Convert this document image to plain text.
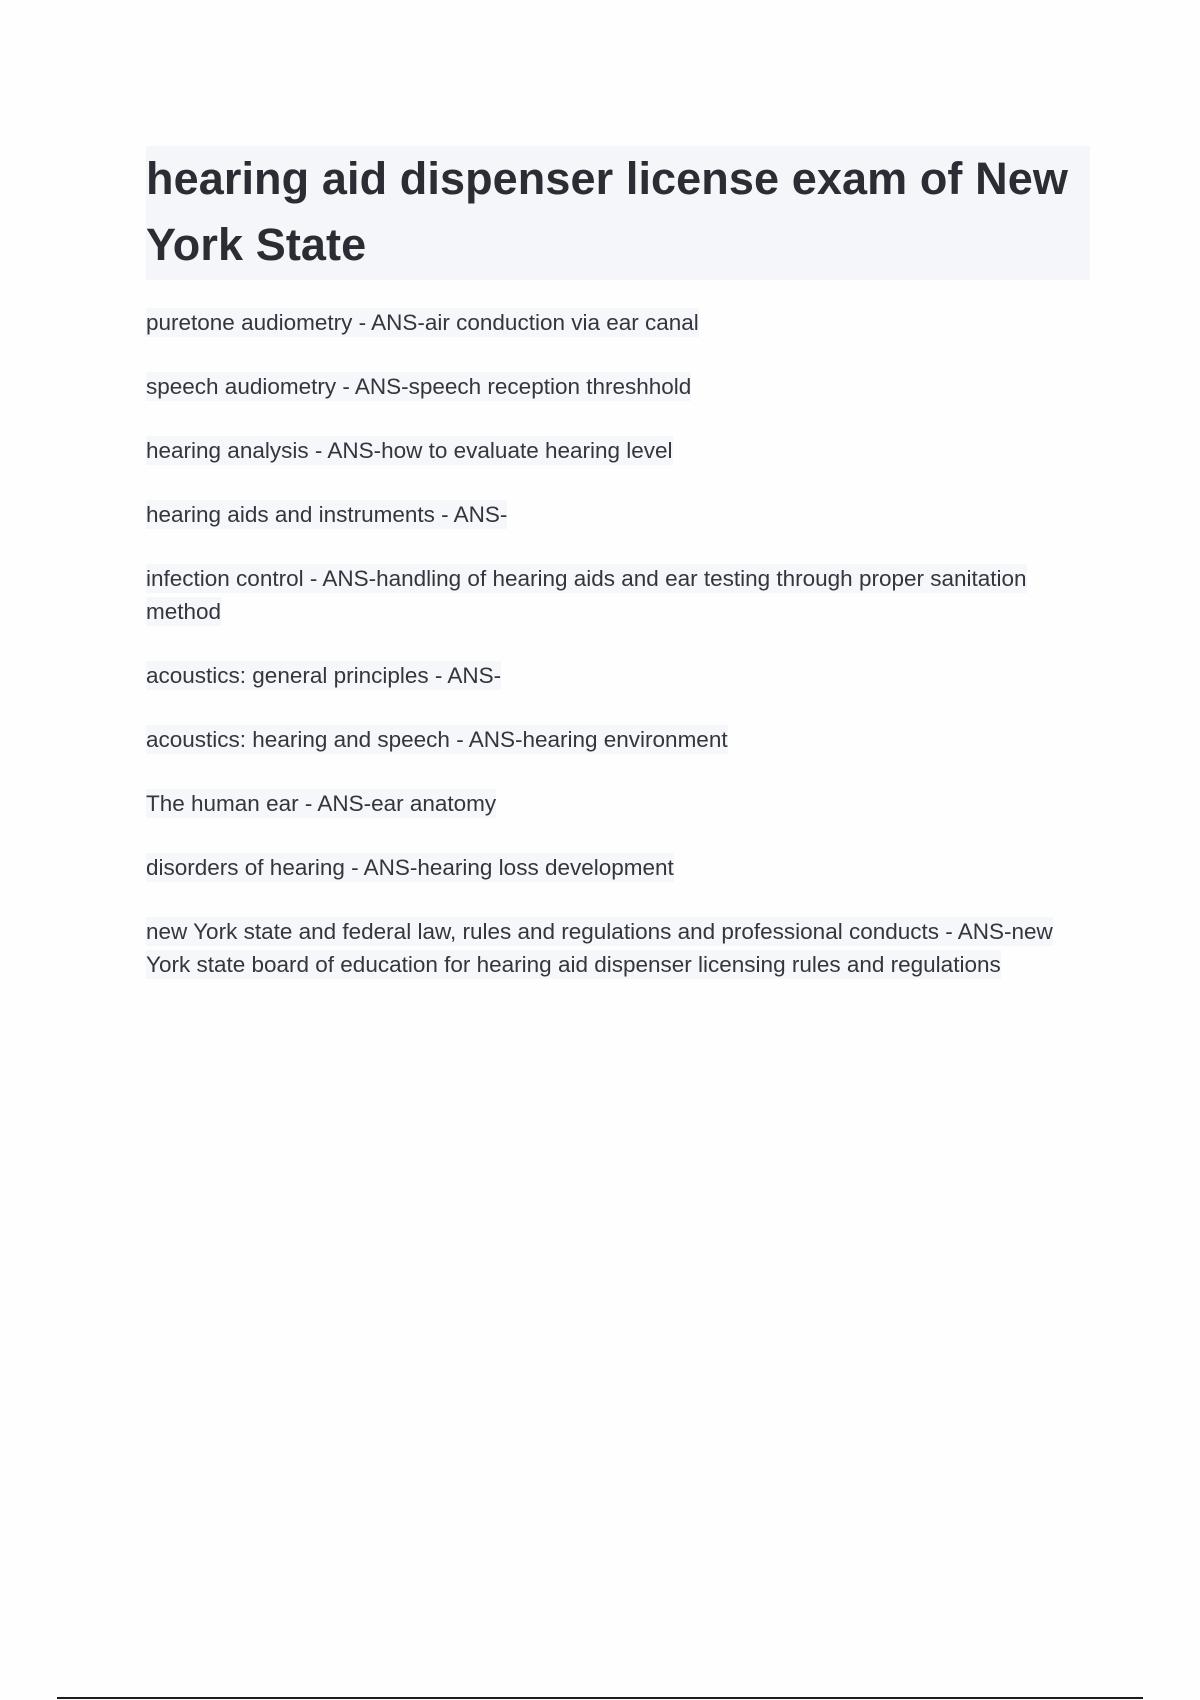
hearing aid dispenser license exam of New York State

puretone audiometry - ANS-air conduction via ear canal

speech audiometry - ANS-speech reception threshhold

hearing analysis - ANS-how to evaluate hearing level

hearing aids and instruments - ANS-

infection control - ANS-handling of hearing aids and ear testing through proper sanitation method

acoustics: general principles - ANS-

acoustics: hearing and speech - ANS-hearing environment

The human ear - ANS-ear anatomy

disorders of hearing - ANS-hearing loss development

new York state and federal law, rules and regulations and professional conducts - ANS-new York state board of education for hearing aid dispenser licensing rules and regulations
